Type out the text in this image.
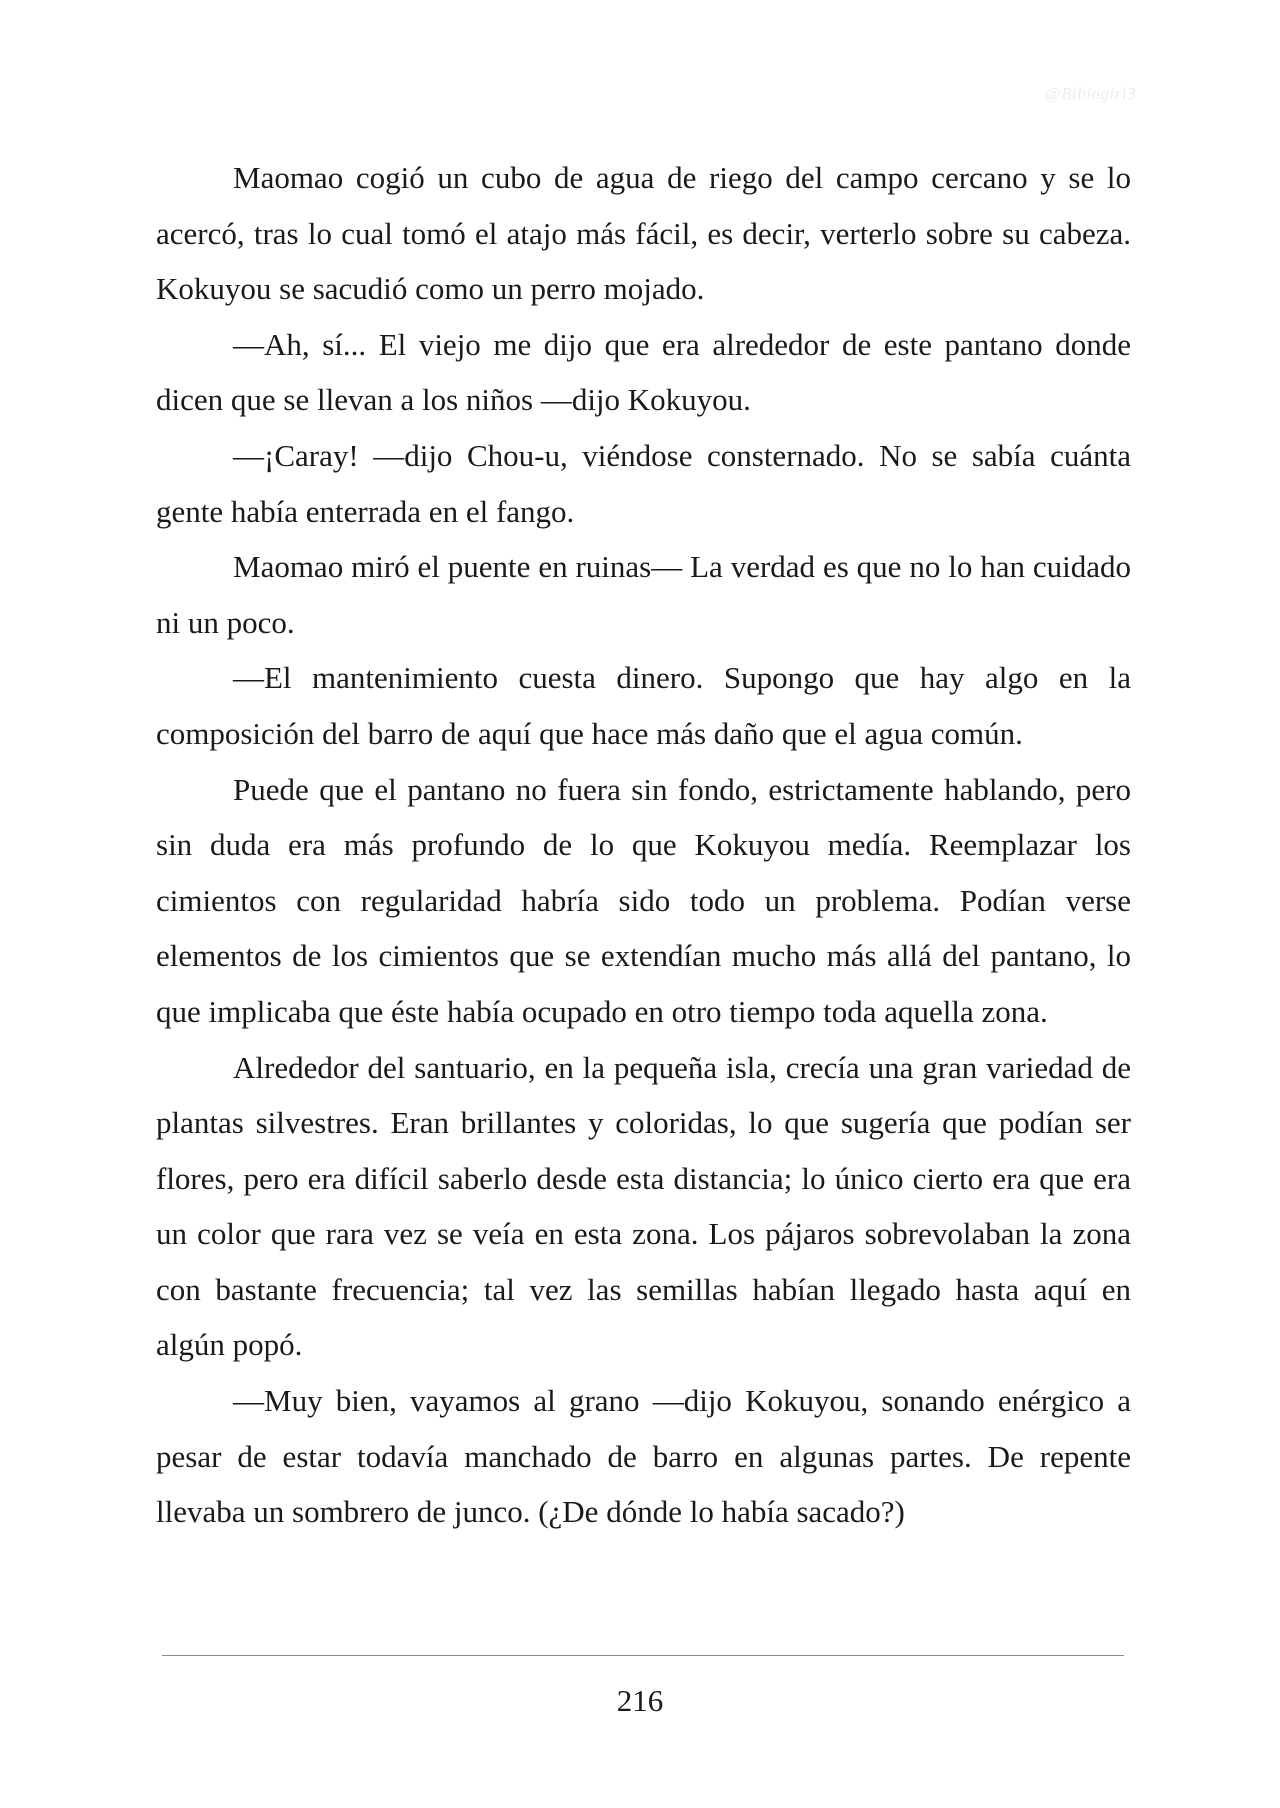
@Bibiogirl3

Maomao cogió un cubo de agua de riego del campo cercano y se lo acercó, tras lo cual tomó el atajo más fácil, es decir, verterlo sobre su cabeza. Kokuyou se sacudió como un perro mojado.

—Ah, sí... El viejo me dijo que era alrededor de este pantano donde dicen que se llevan a los niños —dijo Kokuyou.

—¡Caray! —dijo Chou-u, viéndose consternado. No se sabía cuánta gente había enterrada en el fango.

Maomao miró el puente en ruinas— La verdad es que no lo han cuidado ni un poco.

—El mantenimiento cuesta dinero. Supongo que hay algo en la composición del barro de aquí que hace más daño que el agua común.

Puede que el pantano no fuera sin fondo, estrictamente hablando, pero sin duda era más profundo de lo que Kokuyou medía. Reemplazar los cimientos con regularidad habría sido todo un problema. Podían verse elementos de los cimientos que se extendían mucho más allá del pantano, lo que implicaba que éste había ocupado en otro tiempo toda aquella zona.

Alrededor del santuario, en la pequeña isla, crecía una gran variedad de plantas silvestres. Eran brillantes y coloridas, lo que sugería que podían ser flores, pero era difícil saberlo desde esta distancia; lo único cierto era que era un color que rara vez se veía en esta zona. Los pájaros sobrevolaban la zona con bastante frecuencia; tal vez las semillas habían llegado hasta aquí en algún popó.

—Muy bien, vayamos al grano —dijo Kokuyou, sonando enérgico a pesar de estar todavía manchado de barro en algunas partes. De repente llevaba un sombrero de junco. (¿De dónde lo había sacado?)

216
